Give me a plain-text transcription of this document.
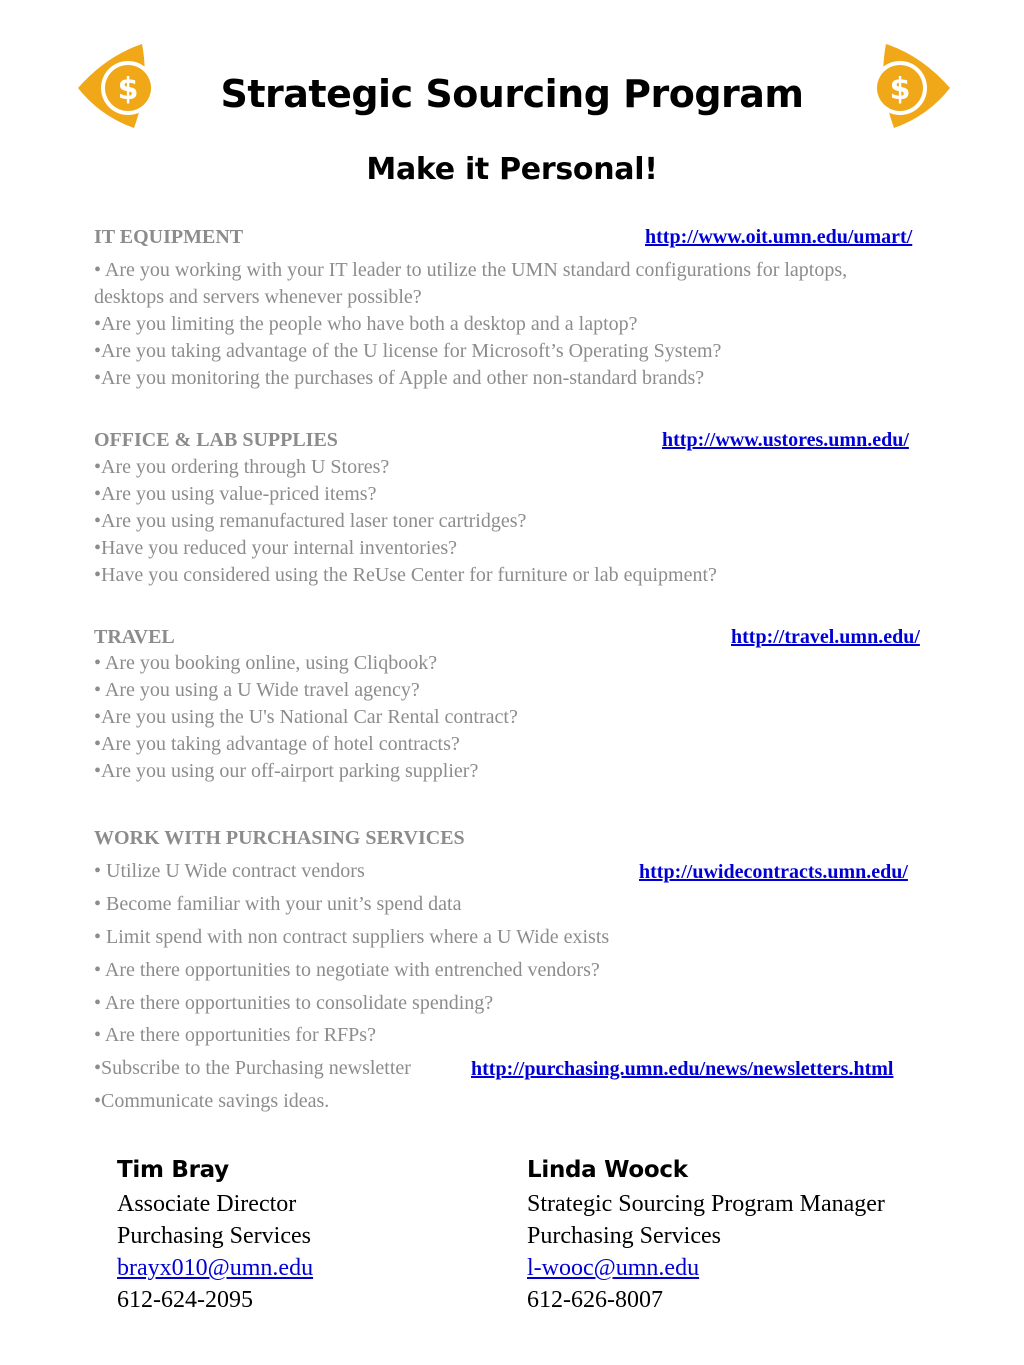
$	$
Strategic Sourcing Program
Make it Personal!
IT EQUIPMENT	http://www.oit.umn.edu/umart/
• Are you working with your IT leader to utilize the UMN standard configurations for laptops,
desktops and servers whenever possible?
•Are you limiting the people who have both a desktop and a laptop?
•Are you taking advantage of the U license for Microsoft’s Operating System?
•Are you monitoring the purchases of Apple and other non-standard brands?
OFFICE & LAB SUPPLIES	http://www.ustores.umn.edu/
•Are you ordering through U Stores?
•Are you using value-priced items?
•Are you using remanufactured laser toner cartridges?
•Have you reduced your internal inventories?
•Have you considered using the ReUse Center for furniture or lab equipment?
TRAVEL	http://travel.umn.edu/
• Are you booking online, using Cliqbook?
• Are you using a U Wide travel agency?
•Are you using the U's National Car Rental contract?
•Are you taking advantage of hotel contracts?
•Are you using our off-airport parking supplier?
WORK WITH PURCHASING SERVICES
• Utilize U Wide contract vendors	http://uwidecontracts.umn.edu/
• Become familiar with your unit’s spend data
• Limit spend with non contract suppliers where a U Wide exists
• Are there opportunities to negotiate with entrenched vendors?
• Are there opportunities to consolidate spending?
• Are there opportunities for RFPs?
•Subscribe to the Purchasing newsletter	http://purchasing.umn.edu/news/newsletters.html
•Communicate savings ideas.
Tim Bray
Associate Director
Purchasing Services
brayx010@umn.edu
612-624-2095
Linda Woock
Strategic Sourcing Program Manager
Purchasing Services
l-wooc@umn.edu
612-626-8007
